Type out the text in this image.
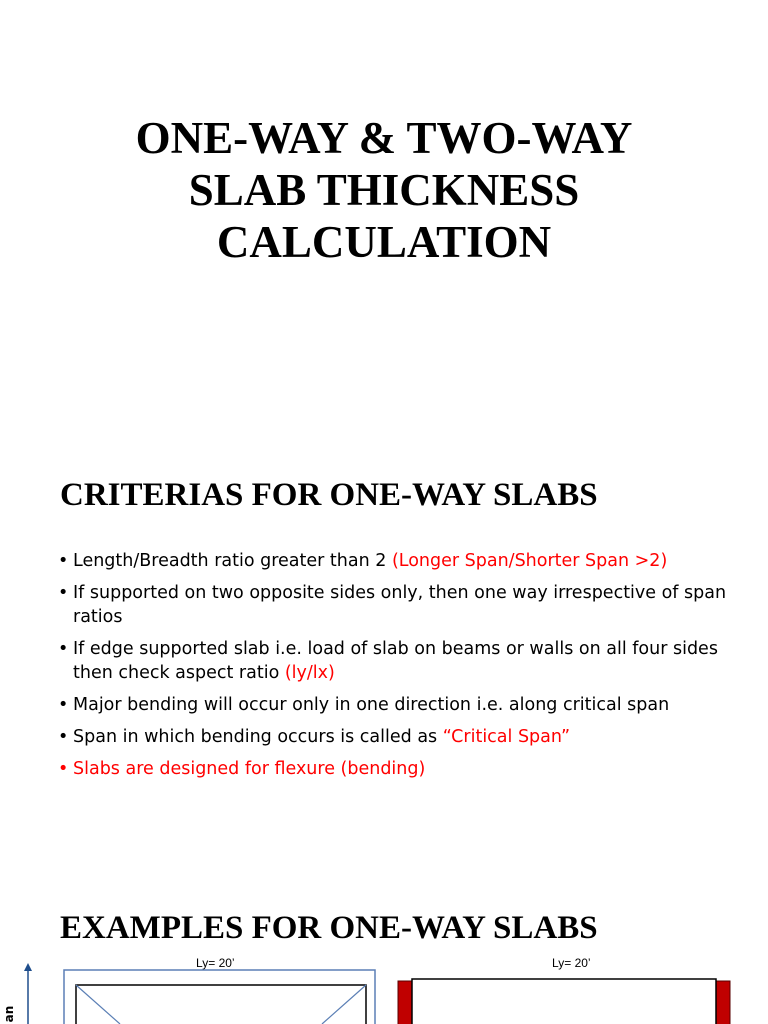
ONE-WAY & TWO-WAY
SLAB THICKNESS
CALCULATION
CRITERIAS FOR ONE-WAY SLABS
• Length/Breadth ratio greater than 2 (Longer Span/Shorter Span >2)
• If supported on two opposite sides only, then one way irrespective of span ratios
• If edge supported slab i.e. load of slab on beams or walls on all four sides then check aspect ratio (ly/lx)
• Major bending will occur only in one direction i.e. along critical span
• Span in which bending occurs is called as “Critical Span”
• Slabs are designed for flexure (bending)
EXAMPLES FOR ONE-WAY SLABS
Ly= 20’	Ly= 20’
an
